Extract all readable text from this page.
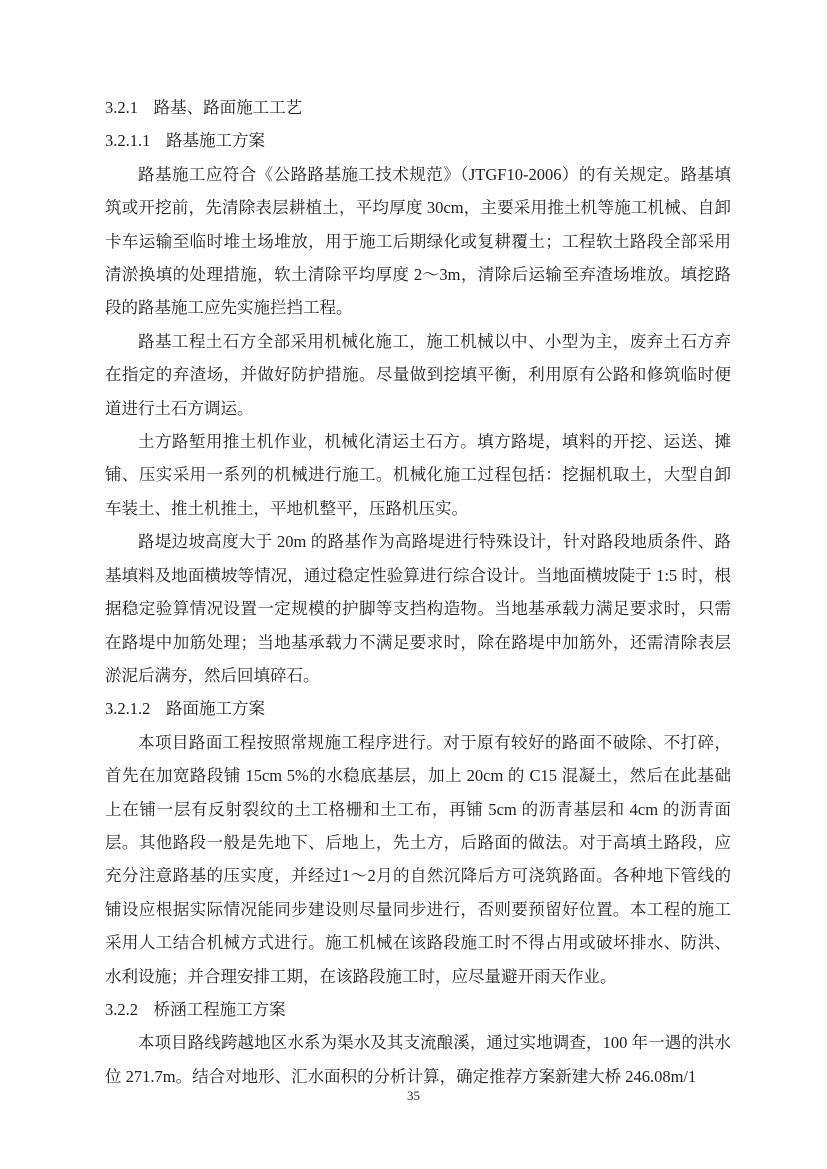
3.2.1 路基、路面施工工艺
3.2.1.1 路基施工方案

路基施工应符合《公路路基施工技术规范》（JTGF10-2006）的有关规定。路基填筑或开挖前，先清除表层耕植土，平均厚度 30cm，主要采用推土机等施工机械、自卸卡车运输至临时堆土场堆放，用于施工后期绿化或复耕覆土；工程软土路段全部采用清淤换填的处理措施，软土清除平均厚度 2～3m，清除后运输至弃渣场堆放。填挖路段的路基施工应先实施拦挡工程。

路基工程土石方全部采用机械化施工，施工机械以中、小型为主，废弃土石方弃在指定的弃渣场，并做好防护措施。尽量做到挖填平衡，利用原有公路和修筑临时便道进行土石方调运。

土方路堑用推土机作业，机械化清运土石方。填方路堤，填料的开挖、运送、摊铺、压实采用一系列的机械进行施工。机械化施工过程包括：挖掘机取土，大型自卸车装土、推土机推土，平地机整平，压路机压实。

路堤边坡高度大于 20m 的路基作为高路堤进行特殊设计，针对路段地质条件、路基填料及地面横坡等情况，通过稳定性验算进行综合设计。当地面横坡陡于 1:5 时，根据稳定验算情况设置一定规模的护脚等支挡构造物。当地基承载力满足要求时，只需在路堤中加筋处理；当地基承载力不满足要求时，除在路堤中加筋外，还需清除表层淤泥后满夯，然后回填碎石。

3.2.1.2 路面施工方案

本项目路面工程按照常规施工程序进行。对于原有较好的路面不破除、不打碎，首先在加宽路段铺 15cm 5%的水稳底基层，加上 20cm 的 C15 混凝土，然后在此基础上在铺一层有反射裂纹的土工格栅和土工布，再铺 5cm 的沥青基层和 4cm 的沥青面层。其他路段一般是先地下、后地上，先土方，后路面的做法。对于高填土路段，应充分注意路基的压实度，并经过1～2月的自然沉降后方可浇筑路面。各种地下管线的铺设应根据实际情况能同步建设则尽量同步进行，否则要预留好位置。本工程的施工采用人工结合机械方式进行。施工机械在该路段施工时不得占用或破坏排水、防洪、水利设施；并合理安排工期，在该路段施工时，应尽量避开雨天作业。

3.2.2 桥涵工程施工方案

本项目路线跨越地区水系为渠水及其支流酿溪，通过实地调查，100 年一遇的洪水位 271.7m。结合对地形、汇水面积的分析计算，确定推荐方案新建大桥 246.08m/1

35
